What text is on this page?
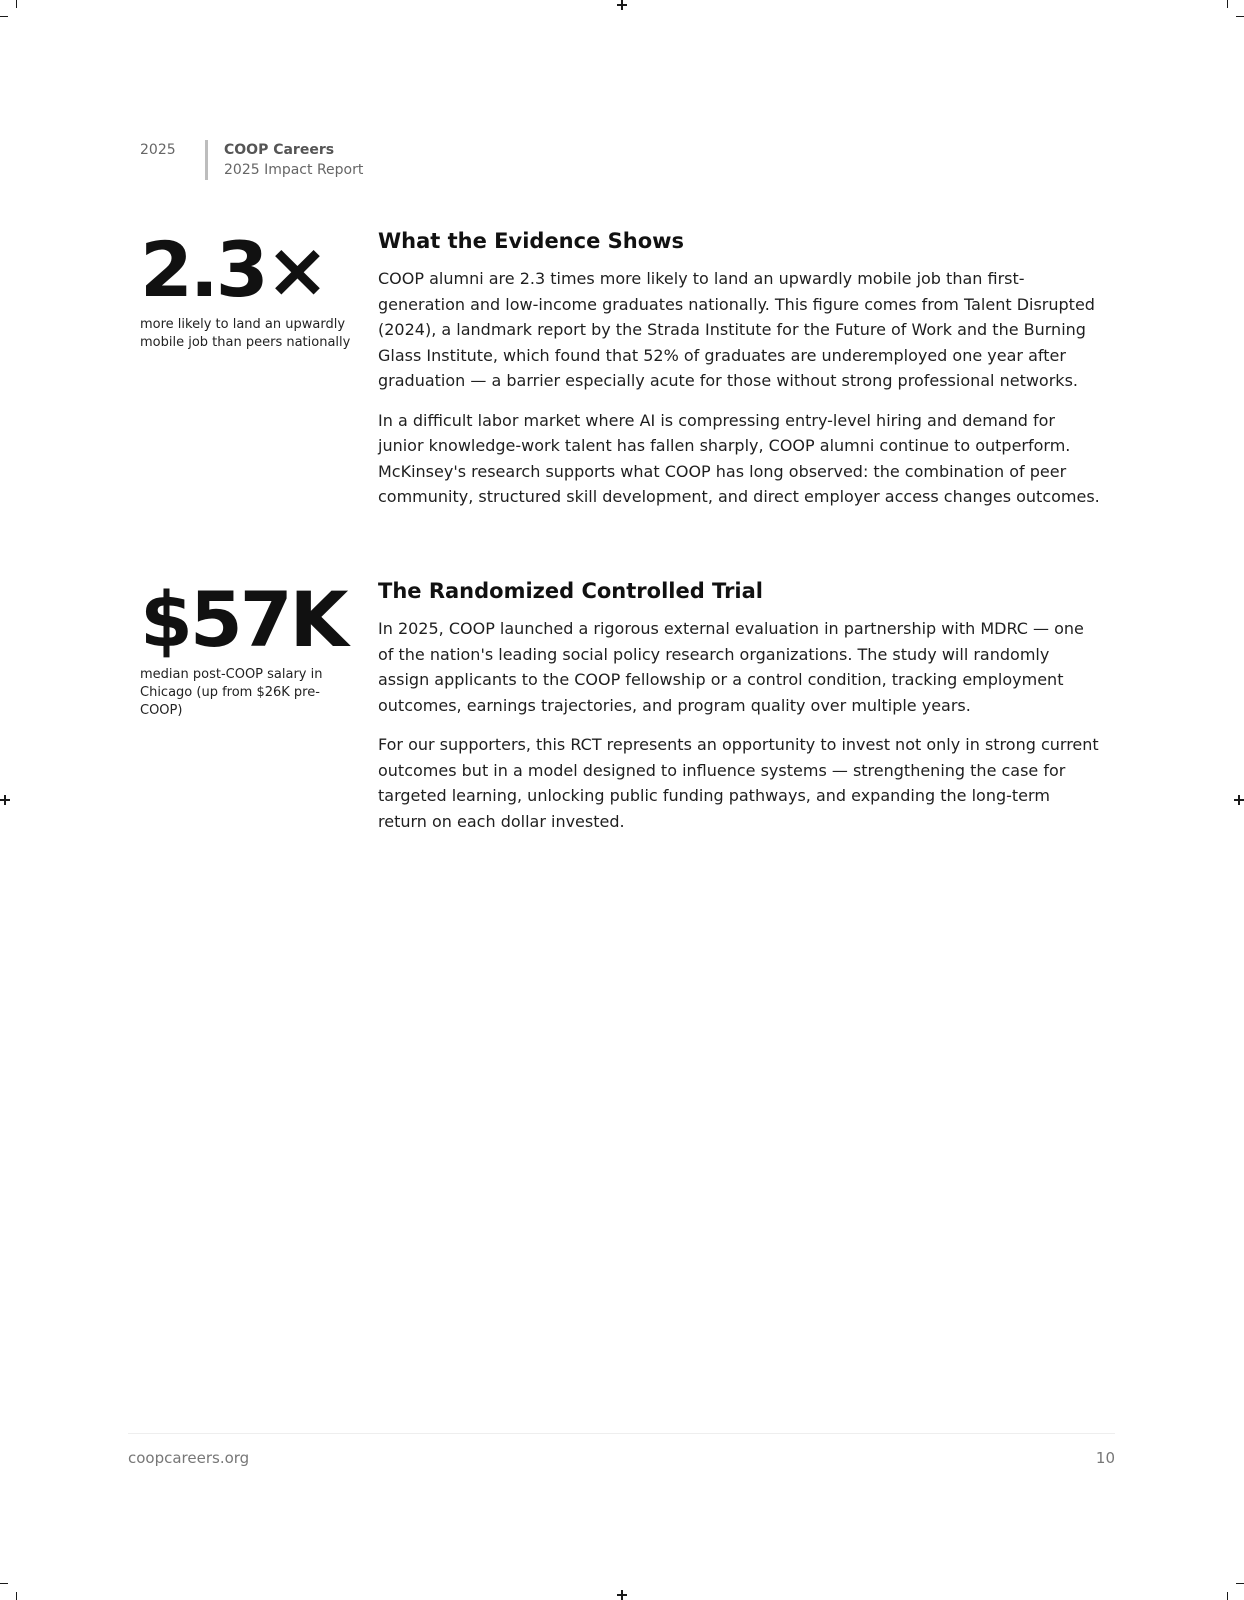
2025	COOP Careers
2025 Impact Report
2.3×
more likely to land an upwardly mobile job than peers nationally
What the Evidence Shows

COOP alumni are 2.3 times more likely to land an upwardly mobile job than first-generation and low-income graduates nationally. This figure comes from Talent Disrupted (2024), a landmark report by the Strada Institute for the Future of Work and the Burning Glass Institute, which found that 52% of graduates are underemployed one year after graduation — a barrier especially acute for those without strong professional networks.

In a difficult labor market where AI is compressing entry-level hiring and demand for junior knowledge-work talent has fallen sharply, COOP alumni continue to outperform. McKinsey's research supports what COOP has long observed: the combination of peer community, structured skill development, and direct employer access changes outcomes.

$57K
median post-COOP salary in Chicago (up from $26K pre-COOP)
The Randomized Controlled Trial

In 2025, COOP launched a rigorous external evaluation in partnership with MDRC — one of the nation's leading social policy research organizations. The study will randomly assign applicants to the COOP fellowship or a control condition, tracking employment outcomes, earnings trajectories, and program quality over multiple years.

For our supporters, this RCT represents an opportunity to invest not only in strong current outcomes but in a model designed to influence systems — strengthening the case for targeted learning, unlocking public funding pathways, and expanding the long-term return on each dollar invested.

coopcareers.org	10
